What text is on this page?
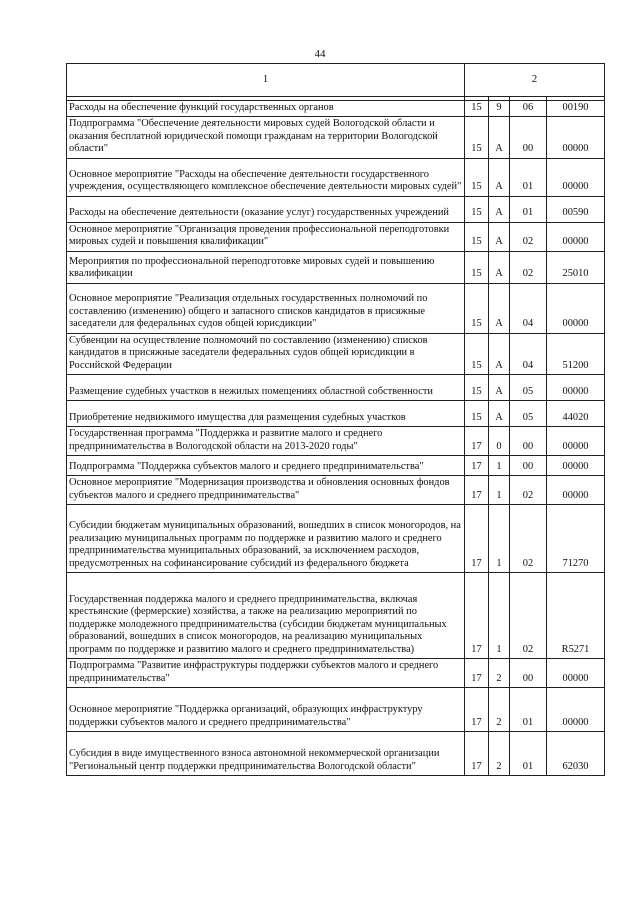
44
1	2			

Расходы на обеспечение функций государственных органов	15	9	06	00190
Подпрограмма "Обеспечение деятельности мировых судей Вологодской области и оказания бесплатной юридической помощи гражданам на территории Вологодской области"	15	А	00	00000
Основное мероприятие "Расходы на обеспечение деятельности государственного учреждения, осуществляющего комплексное обеспечение деятельности мировых судей"	15	А	01	00000
Расходы на обеспечение деятельности (оказание услуг) государственных учреждений	15	А	01	00590
Основное мероприятие "Организация проведения профессиональной переподготовки мировых судей и повышения квалификации"	15	А	02	00000
Мероприятия по профессиональной переподготовке мировых судей и повышению квалификации	15	А	02	25010
Основное мероприятие "Реализация отдельных государственных полномочий по составлению (изменению) общего и запасного списков кандидатов в присяжные заседатели для федеральных судов общей юрисдикции"	15	А	04	00000
Субвенции на осуществление полномочий по составлению (изменению) списков кандидатов в присяжные заседатели федеральных судов общей юрисдикции в Российской Федерации	15	А	04	51200
Размещение судебных участков в нежилых помещениях областной собственности	15	А	05	00000
Приобретение недвижимого имущества для размещения судебных участков	15	А	05	44020
Государственная программа "Поддержка и развитие малого и среднего предпринимательства в Вологодской области на 2013-2020 годы"	17	0	00	00000
Подпрограмма "Поддержка субъектов малого и среднего предпринимательства"	17	1	00	00000
Основное мероприятие "Модернизация производства и обновления основных фондов субъектов малого и среднего предпринимательства"	17	1	02	00000
Субсидии бюджетам муниципальных образований, вошедших в список моногородов, на реализацию муниципальных программ по поддержке и развитию малого и среднего предпринимательства муниципальных образований, за исключением расходов, предусмотренных на софинансирование субсидий из федерального бюджета	17	1	02	71270
Государственная поддержка малого и среднего предпринимательства, включая крестьянские (фермерские) хозяйства, а также на реализацию мероприятий по поддержке молодежного предпринимательства (субсидии бюджетам муниципальных образований, вошедших в список моногородов, на реализацию муниципальных программ по поддержке и развитию малого и среднего предпринимательства)	17	1	02	R5271
Подпрограмма "Развитие инфраструктуры поддержки субъектов малого и среднего предпринимательства"	17	2	00	00000
Основное мероприятие "Поддержка организаций, образующих инфраструктуру поддержки субъектов малого и среднего предпринимательства"	17	2	01	00000
Субсидия в виде имущественного взноса автономной некоммерческой организации "Региональный центр поддержки предпринимательства Вологодской области"	17	2	01	62030
